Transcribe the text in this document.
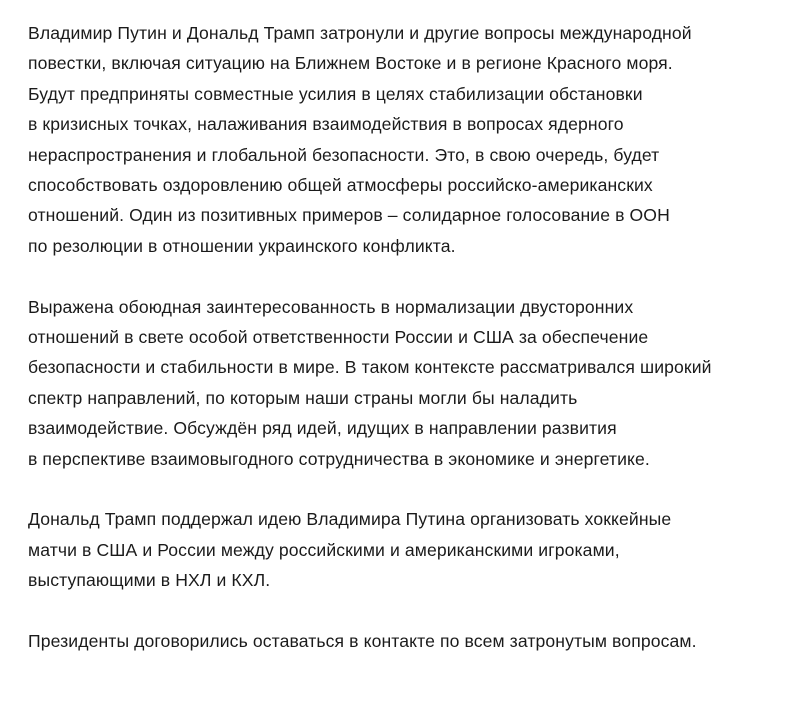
Владимир Путин и Дональд Трамп затронули и другие вопросы международной
повестки, включая ситуацию на Ближнем Востоке и в регионе Красного моря.
Будут предприняты совместные усилия в целях стабилизации обстановки
в кризисных точках, налаживания взаимодействия в вопросах ядерного
нераспространения и глобальной безопасности. Это, в свою очередь, будет
способствовать оздоровлению общей атмосферы российско-американских
отношений. Один из позитивных примеров – солидарное голосование в ООН
по резолюции в отношении украинского конфликта.

Выражена обоюдная заинтересованность в нормализации двусторонних
отношений в свете особой ответственности России и США за обеспечение
безопасности и стабильности в мире. В таком контексте рассматривался широкий
спектр направлений, по которым наши страны могли бы наладить
взаимодействие. Обсуждён ряд идей, идущих в направлении развития
в перспективе взаимовыгодного сотрудничества в экономике и энергетике.

Дональд Трамп поддержал идею Владимира Путина организовать хоккейные
матчи в США и России между российскими и американскими игроками,
выступающими в НХЛ и КХЛ.

Президенты договорились оставаться в контакте по всем затронутым вопросам.
